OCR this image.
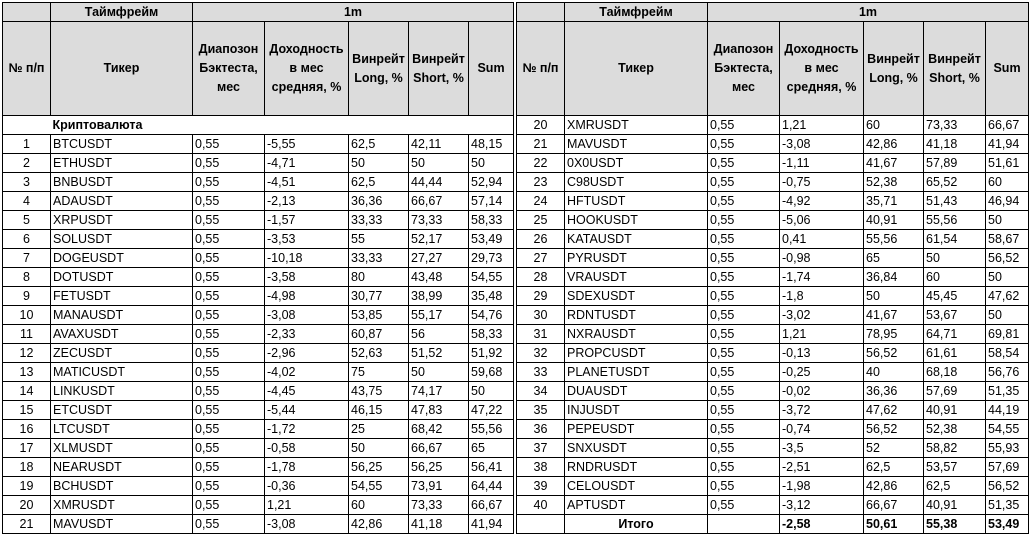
	Таймфрейм	1m				
№ п/п	Тикер	Диапозон Бэктеста, мес	Доходность в мес средняя, %	Винрейт Long, %	Винрейт Short, %	Sum
	Криптовалюта					
1	BTCUSDT	0,55	-5,55	62,5	42,11	48,15
2	ETHUSDT	0,55	-4,71	50	50	50
3	BNBUSDT	0,55	-4,51	62,5	44,44	52,94
4	ADAUSDT	0,55	-2,13	36,36	66,67	57,14
5	XRPUSDT	0,55	-1,57	33,33	73,33	58,33
6	SOLUSDT	0,55	-3,53	55	52,17	53,49
7	DOGEUSDT	0,55	-10,18	33,33	27,27	29,73
8	DOTUSDT	0,55	-3,58	80	43,48	54,55
9	FETUSDT	0,55	-4,98	30,77	38,99	35,48
10	MANAUSDT	0,55	-3,08	53,85	55,17	54,76
11	AVAXUSDT	0,55	-2,33	60,87	56	58,33
12	ZECUSDT	0,55	-2,96	52,63	51,52	51,92
13	MATICUSDT	0,55	-4,02	75	50	59,68
14	LINKUSDT	0,55	-4,45	43,75	74,17	50
15	ETCUSDT	0,55	-5,44	46,15	47,83	47,22
16	LTCUSDT	0,55	-1,72	25	68,42	55,56
17	XLMUSDT	0,55	-0,58	50	66,67	65
18	NEARUSDT	0,55	-1,78	56,25	56,25	56,41
19	BCHUSDT	0,55	-0,36	54,55	73,91	64,44
20	XMRUSDT	0,55	1,21	60	73,33	66,67
21	MAVUSDT	0,55	-3,08	42,86	41,18	41,94
	Таймфрейм	1m				
№ п/п	Тикер	Диапозон Бэктеста, мес	Доходность в мес средняя, %	Винрейт Long, %	Винрейт Short, %	Sum
20	XMRUSDT	0,55	1,21	60	73,33	66,67
21	MAVUSDT	0,55	-3,08	42,86	41,18	41,94
22	0X0USDT	0,55	-1,11	41,67	57,89	51,61
23	C98USDT	0,55	-0,75	52,38	65,52	60
24	HFTUSDT	0,55	-4,92	35,71	51,43	46,94
25	HOOKUSDT	0,55	-5,06	40,91	55,56	50
26	KATAUSDT	0,55	0,41	55,56	61,54	58,67
27	PYRUSDT	0,55	-0,98	65	50	56,52
28	VRAUSDT	0,55	-1,74	36,84	60	50
29	SDEXUSDT	0,55	-1,8	50	45,45	47,62
30	RDNTUSDT	0,55	-3,02	41,67	53,67	50
31	NXRAUSDT	0,55	1,21	78,95	64,71	69,81
32	PROPCUSDT	0,55	-0,13	56,52	61,61	58,54
33	PLANETUSDT	0,55	-0,25	40	68,18	56,76
34	DUAUSDT	0,55	-0,02	36,36	57,69	51,35
35	INJUSDT	0,55	-3,72	47,62	40,91	44,19
36	PEPEUSDT	0,55	-0,74	56,52	52,38	54,55
37	SNXUSDT	0,55	-3,5	52	58,82	55,93
38	RNDRUSDT	0,55	-2,51	62,5	53,57	57,69
39	CELOUSDT	0,55	-1,98	42,86	62,5	56,52
40	APTUSDT	0,55	-3,12	66,67	40,91	51,35
	Итого		-2,58	50,61	55,38	53,49
